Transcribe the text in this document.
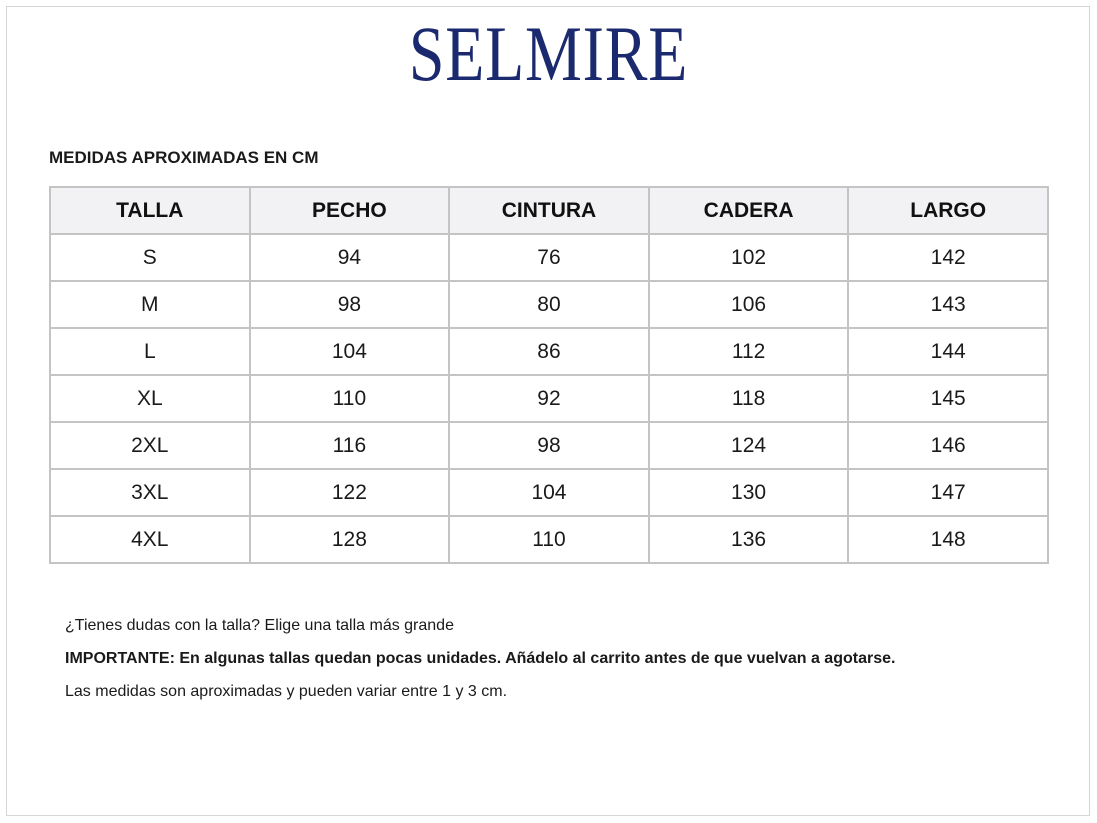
SELMIRE
MEDIDAS APROXIMADAS EN CM
TALLA	PECHO	CINTURA	CADERA	LARGO
S	94	76	102	142
M	98	80	106	143
L	104	86	112	144
XL	110	92	118	145
2XL	116	98	124	146
3XL	122	104	130	147
4XL	128	110	136	148

¿Tienes dudas con la talla? Elige una talla más grande

IMPORTANTE: En algunas tallas quedan pocas unidades. Añádelo al carrito antes de que vuelvan a agotarse.

Las medidas son aproximadas y pueden variar entre 1 y 3 cm.
